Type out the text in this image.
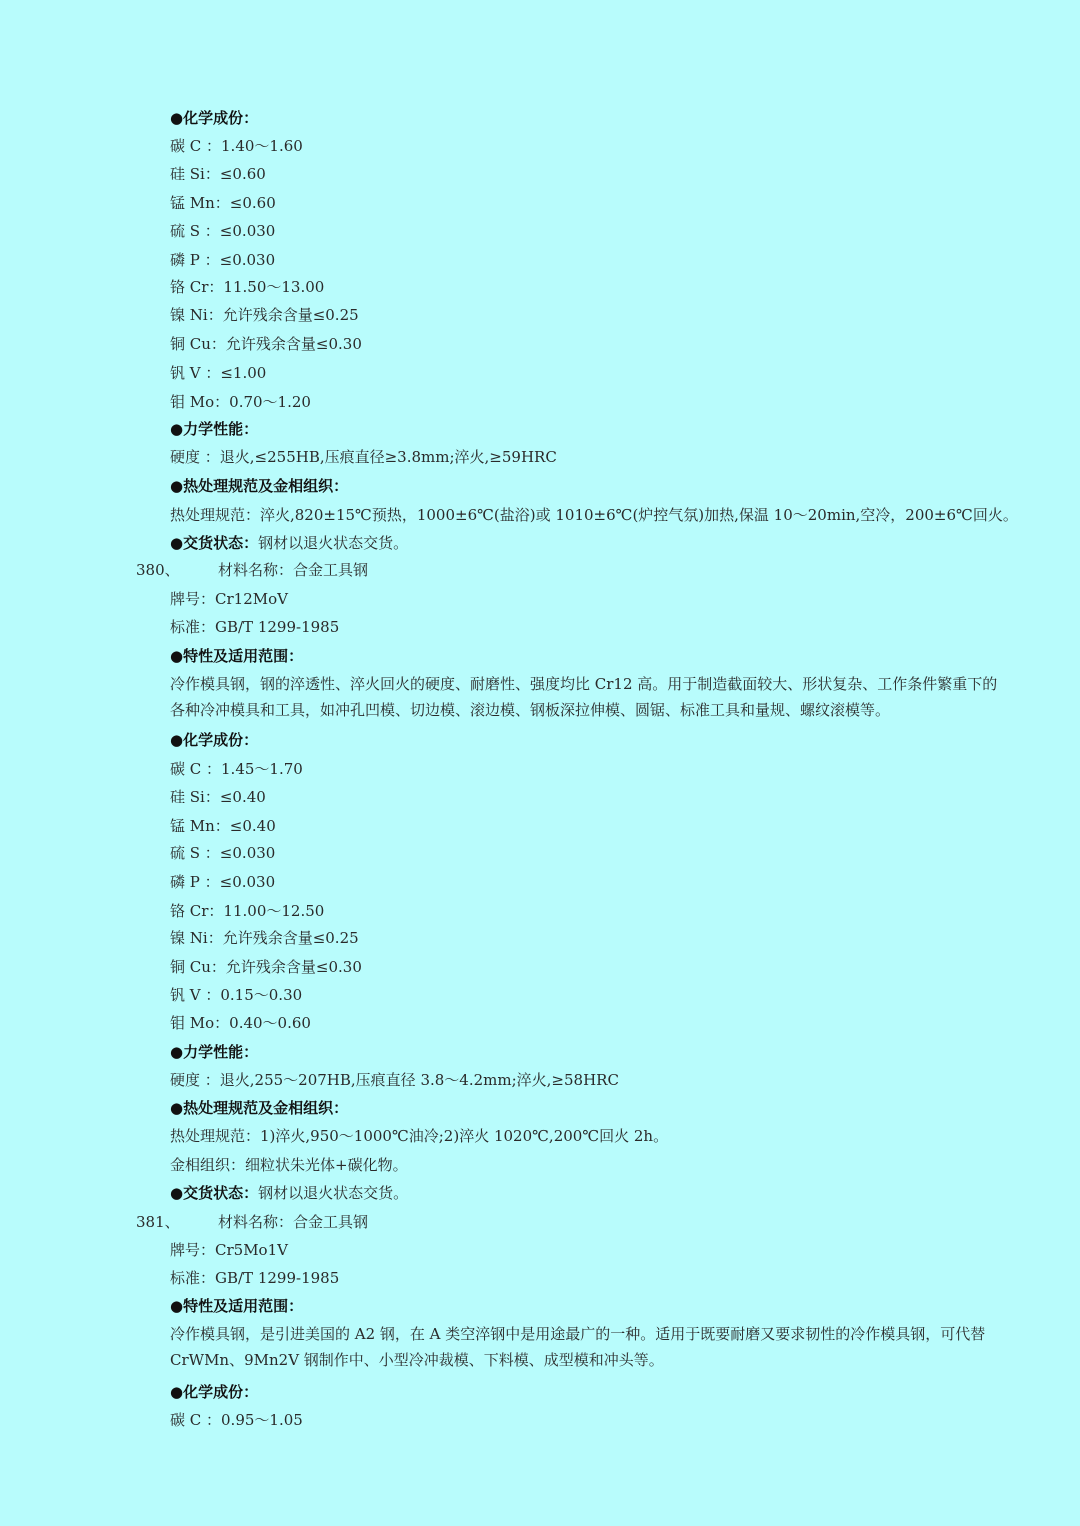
●化学成份：
碳 C ：1.40～1.60
硅 Si：≤0.60
锰 Mn：≤0.60
硫 S ：≤0.030
磷 P ：≤0.030
铬 Cr：11.50～13.00
镍 Ni：允许残余含量≤0.25
铜 Cu：允许残余含量≤0.30
钒 V ：≤1.00
钼 Mo：0.70～1.20
●力学性能：
硬度 ：退火,≤255HB,压痕直径≥3.8mm;淬火,≥59HRC
●热处理规范及金相组织：
热处理规范：淬火,820±15℃预热，1000±6℃(盐浴)或 1010±6℃(炉控气氛)加热,保温 10～20min,空冷，200±6℃回火。
●交货状态：钢材以退火状态交货。
380、	材料名称：合金工具钢
牌号：Cr12MoV
标准：GB/T 1299-1985
●特性及适用范围：
冷作模具钢，钢的淬透性、淬火回火的硬度、耐磨性、强度均比 Cr12 高。用于制造截面较大、形状复杂、工作条件繁重下的各种冷冲模具和工具，如冲孔凹模、切边模、滚边模、钢板深拉伸模、圆锯、标准工具和量规、螺纹滚模等。
●化学成份：
碳 C ：1.45～1.70
硅 Si：≤0.40
锰 Mn：≤0.40
硫 S ：≤0.030
磷 P ：≤0.030
铬 Cr：11.00～12.50
镍 Ni：允许残余含量≤0.25
铜 Cu：允许残余含量≤0.30
钒 V ：0.15～0.30
钼 Mo：0.40～0.60
●力学性能：
硬度 ：退火,255～207HB,压痕直径 3.8～4.2mm;淬火,≥58HRC
●热处理规范及金相组织：
热处理规范：1)淬火,950～1000℃油冷;2)淬火 1020℃,200℃回火 2h。
金相组织：细粒状朱光体+碳化物。
●交货状态：钢材以退火状态交货。
381、	材料名称：合金工具钢
牌号：Cr5Mo1V
标准：GB/T 1299-1985
●特性及适用范围：
冷作模具钢，是引进美国的 A2 钢，在 A 类空淬钢中是用途最广的一种。适用于既要耐磨又要求韧性的冷作模具钢，可代替 CrWMn、9Mn2V 钢制作中、小型冷冲裁模、下料模、成型模和冲头等。
●化学成份：
碳 C ：0.95～1.05
